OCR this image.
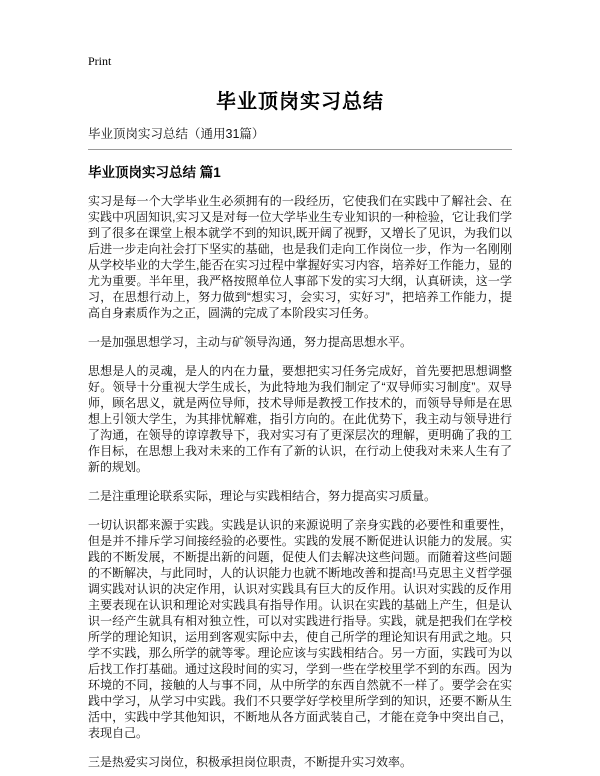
Print
毕业顶岗实习总结
毕业顶岗实习总结（通用31篇）
毕业顶岗实习总结 篇1

实习是每一个大学毕业生必须拥有的一段经历，它使我们在实践中了解社会、在实践中巩固知识,实习又是对每一位大学毕业生专业知识的一种检验，它让我们学到了很多在课堂上根本就学不到的知识,既开阔了视野，又增长了见识，为我们以后进一步走向社会打下坚实的基础，也是我们走向工作岗位一步，作为一名刚刚从学校毕业的大学生,能否在实习过程中掌握好实习内容，培养好工作能力，显的尤为重要。半年里，我严格按照单位人事部下发的实习大纲，认真研读，这一学习，在思想行动上，努力做到“想实习，会实习，实好习”，把培养工作能力，提高自身素质作为之正，圆满的完成了本阶段实习任务。

一是加强思想学习，主动与矿领导沟通，努力提高思想水平。

思想是人的灵魂，是人的内在力量，要想把实习任务完成好，首先要把思想调整好。领导十分重视大学生成长，为此特地为我们制定了“双导师实习制度”。双导师，顾名思义，就是两位导师，技术导师是教授工作技术的，而领导导师是在思想上引领大学生，为其排忧解难，指引方向的。在此优势下，我主动与领导进行了沟通，在领导的谆谆教导下，我对实习有了更深层次的理解，更明确了我的工作目标，在思想上我对未来的工作有了新的认识，在行动上使我对未来人生有了新的规划。

二是注重理论联系实际，理论与实践相结合，努力提高实习质量。

一切认识都来源于实践。实践是认识的来源说明了亲身实践的必要性和重要性，但是并不排斥学习间接经验的必要性。实践的发展不断促进认识能力的发展。实践的不断发展，不断提出新的问题，促使人们去解决这些问题。而随着这些问题的不断解决，与此同时，人的认识能力也就不断地改善和提高!马克思主义哲学强调实践对认识的决定作用，认识对实践具有巨大的反作用。认识对实践的反作用主要表现在认识和理论对实践具有指导作用。认识在实践的基础上产生，但是认识一经产生就具有相对独立性，可以对实践进行指导。实践，就是把我们在学校所学的理论知识，运用到客观实际中去，使自己所学的理论知识有用武之地。只学不实践，那么所学的就等零。理论应该与实践相结合。另一方面，实践可为以后找工作打基础。通过这段时间的实习，学到一些在学校里学不到的东西。因为环境的不同，接触的人与事不同，从中所学的东西自然就不一样了。要学会在实践中学习，从学习中实践。我们不只要学好学校里所学到的知识，还要不断从生活中，实践中学其他知识，不断地从各方面武装自己，才能在竞争中突出自己，表现自己。

三是热爱实习岗位，积极承担岗位职责，不断提升实习效率。
